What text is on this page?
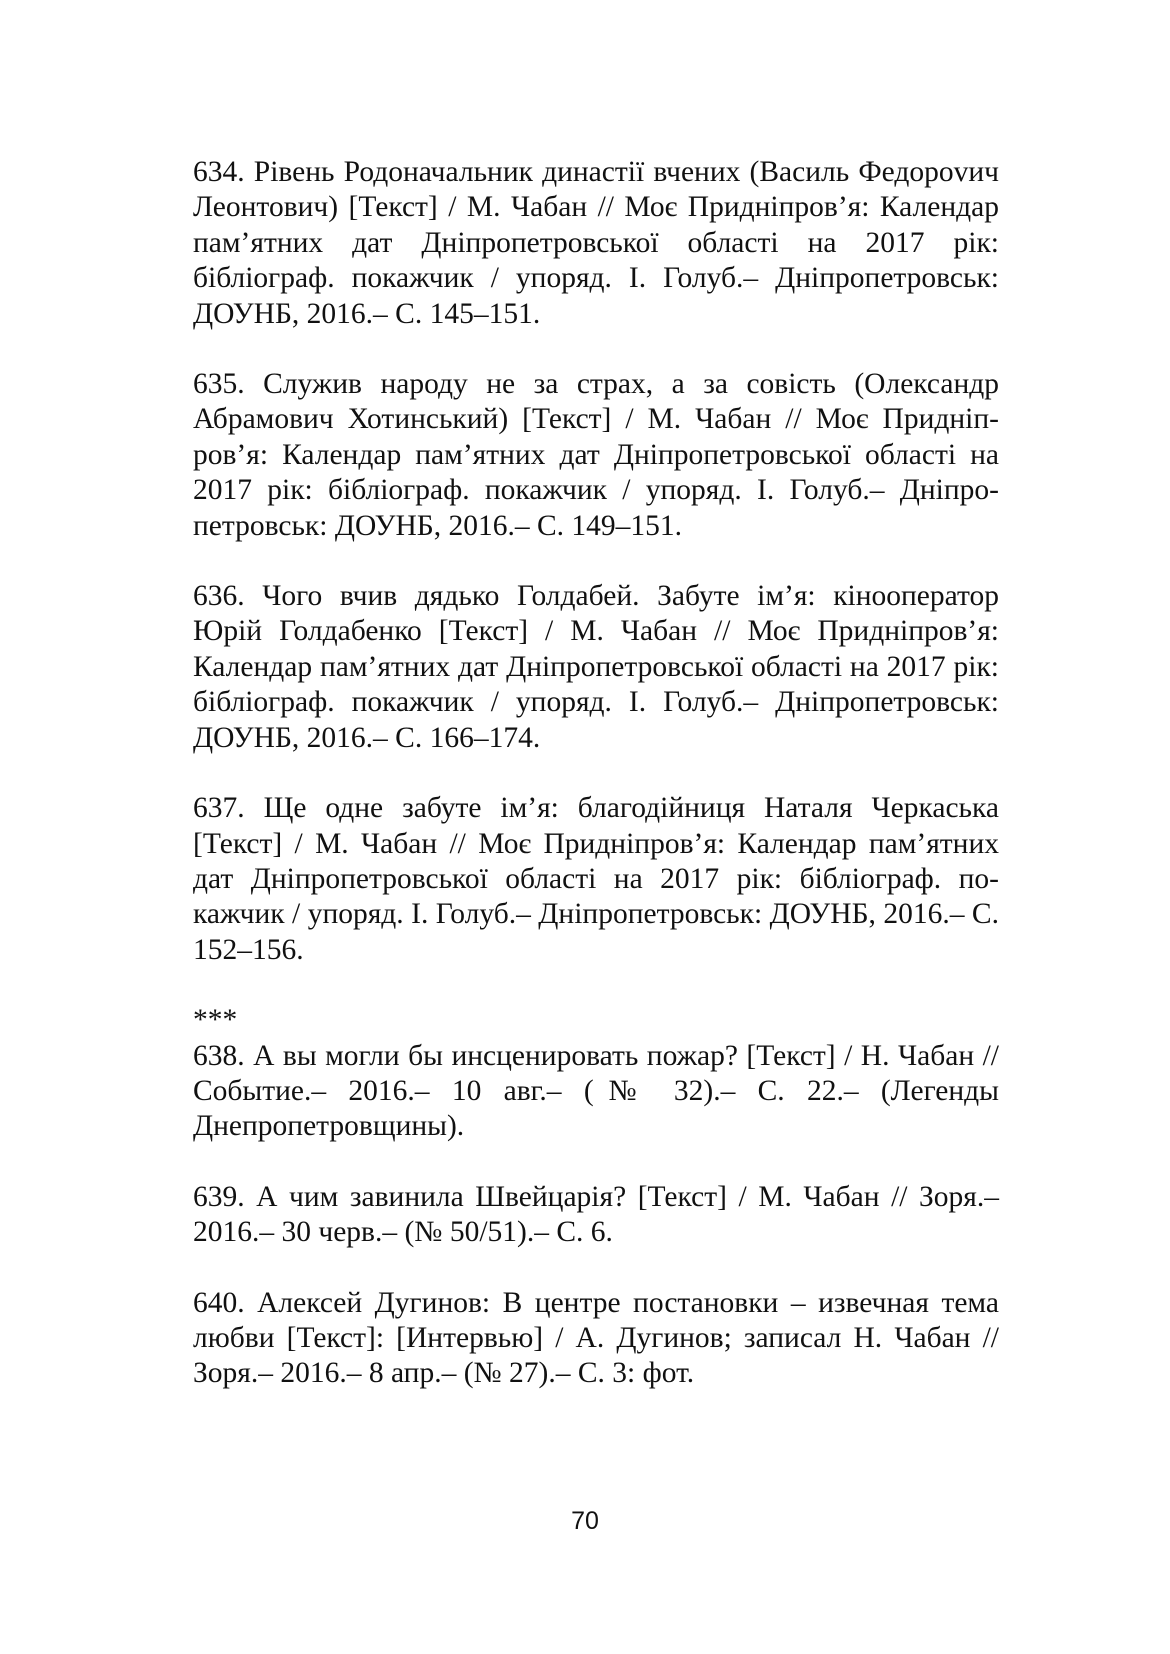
634. Рівень Родоначальник династії вчених (Василь Федороvич Леонтович) [Текст] / М. Чабан // Моє Придніпров’я: Календар пам’ятних дат Дніпропетровської області на 2017 рік: бібліограф. покажчик / упоряд. І. Голуб.– Дніпропетровськ: ДОУНБ, 2016.– С. 145–151.

635. Служив народу не за страх, а за совість (Олександр Абрамович Хотинський) [Текст] / М. Чабан // Моє Придніпров’я: Календар пам’ятних дат Дніпропетровської області на 2017 рік: бібліограф. покажчик / упоряд. І. Голуб.– Дніпропетровськ: ДОУНБ, 2016.– С. 149–151.

636. Чого вчив дядько Голдабей. Забуте ім’я: кінооператор Юрій Голдабенко [Текст] / М. Чабан // Моє Придніпров’я: Календар пам’ятних дат Дніпропетровської області на 2017 рік: бібліограф. покажчик / упоряд. І. Голуб.– Дніпропетровськ: ДОУНБ, 2016.– С. 166–174.

637. Ще одне забуте ім’я: благодійниця Наталя Черкаська [Текст] / М. Чабан // Моє Придніпров’я: Календар пам’ятних дат Дніпропетровської області на 2017 рік: бібліограф. покажчик / упоряд. І. Голуб.– Дніпропетровськ: ДОУНБ, 2016.– С. 152–156.

***

638. А вы могли бы инсценировать пожар? [Текст] / Н. Чабан // Событие.– 2016.– 10 авг.– (№ 32).– С. 22.– (Легенды Днепропетровщины).

639. А чим завинила Швейцарія? [Текст] / М. Чабан // Зоря.– 2016.– 30 черв.– (№ 50/51).– С. 6.

640. Алексей Дугинов: В центре постановки – извечная тема любви [Текст]: [Интервью] / А. Дугинов; записал Н. Чабан // Зоря.– 2016.– 8 апр.– (№ 27).– С. 3: фот.

70
